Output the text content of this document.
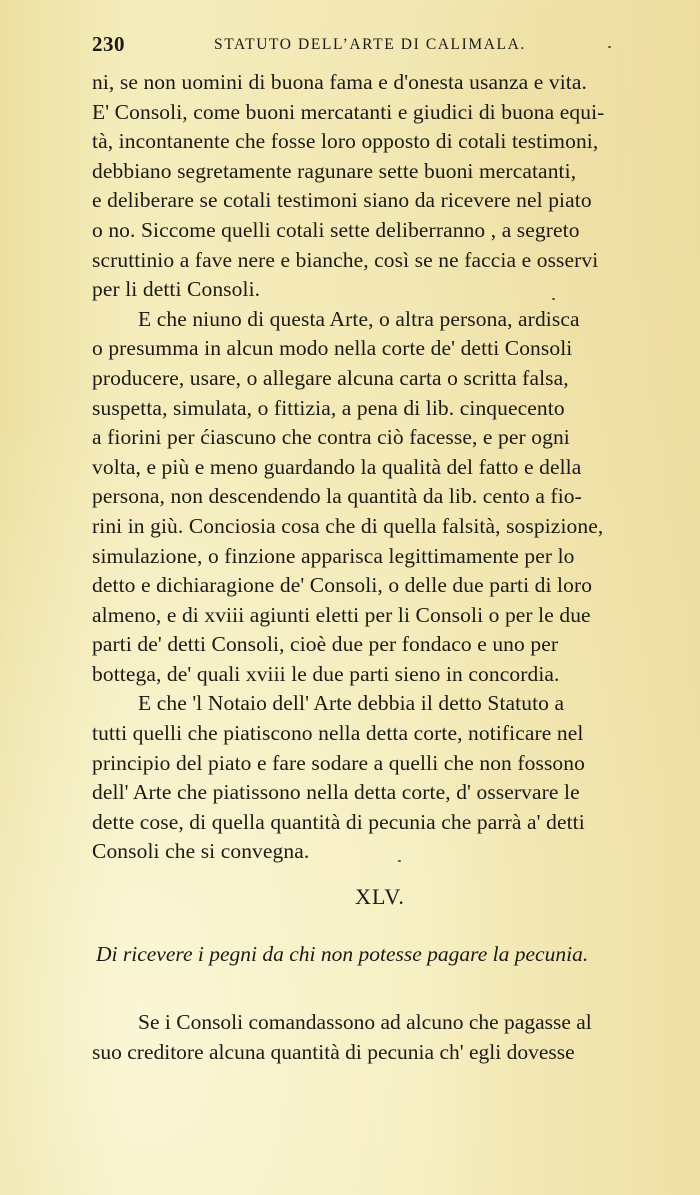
230	STATUTO DELL’ARTE DI CALIMALA.
ni, se non uomini di buona fama e d'onesta usanza e vita.
E' Consoli, come buoni mercatanti e giudici di buona equi-
tà, incontanente che fosse loro opposto di cotali testimoni,
debbiano segretamente ragunare sette buoni mercatanti,
e deliberare se cotali testimoni siano da ricevere nel piato
o no. Siccome quelli cotali sette deliberranno , a segreto
scruttinio a fave nere e bianche, così se ne faccia e osservi
per li detti Consoli.
E che niuno di questa Arte, o altra persona, ardisca
o presumma in alcun modo nella corte de' detti Consoli
producere, usare, o allegare alcuna carta o scritta falsa,
suspetta, simulata, o fittizia, a pena di lib. cinquecento
a fiorini per ćiascuno che contra ciò facesse, e per ogni
volta, e più e meno guardando la qualità del fatto e della
persona, non descendendo la quantità da lib. cento a fio-
rini in giù. Conciosia cosa che di quella falsità, sospizione,
simulazione, o finzione apparisca legittimamente per lo
detto e dichiaragione de' Consoli, o delle due parti di loro
almeno, e di xviii agiunti eletti per li Consoli o per le due
parti de' detti Consoli, cioè due per fondaco e uno per
bottega, de' quali xviii le due parti sieno in concordia.
E che 'l Notaio dell' Arte debbia il detto Statuto a
tutti quelli che piatiscono nella detta corte, notificare nel
principio del piato e fare sodare a quelli che non fossono
dell' Arte che piatissono nella detta corte, d' osservare le
dette cose, di quella quantità di pecunia che parrà a' detti
Consoli che si convegna.
XLV.
Di ricevere i pegni da chi non potesse pagare la pecunia.
Se i Consoli comandassono ad alcuno che pagasse al
suo creditore alcuna quantità di pecunia ch' egli dovesse
